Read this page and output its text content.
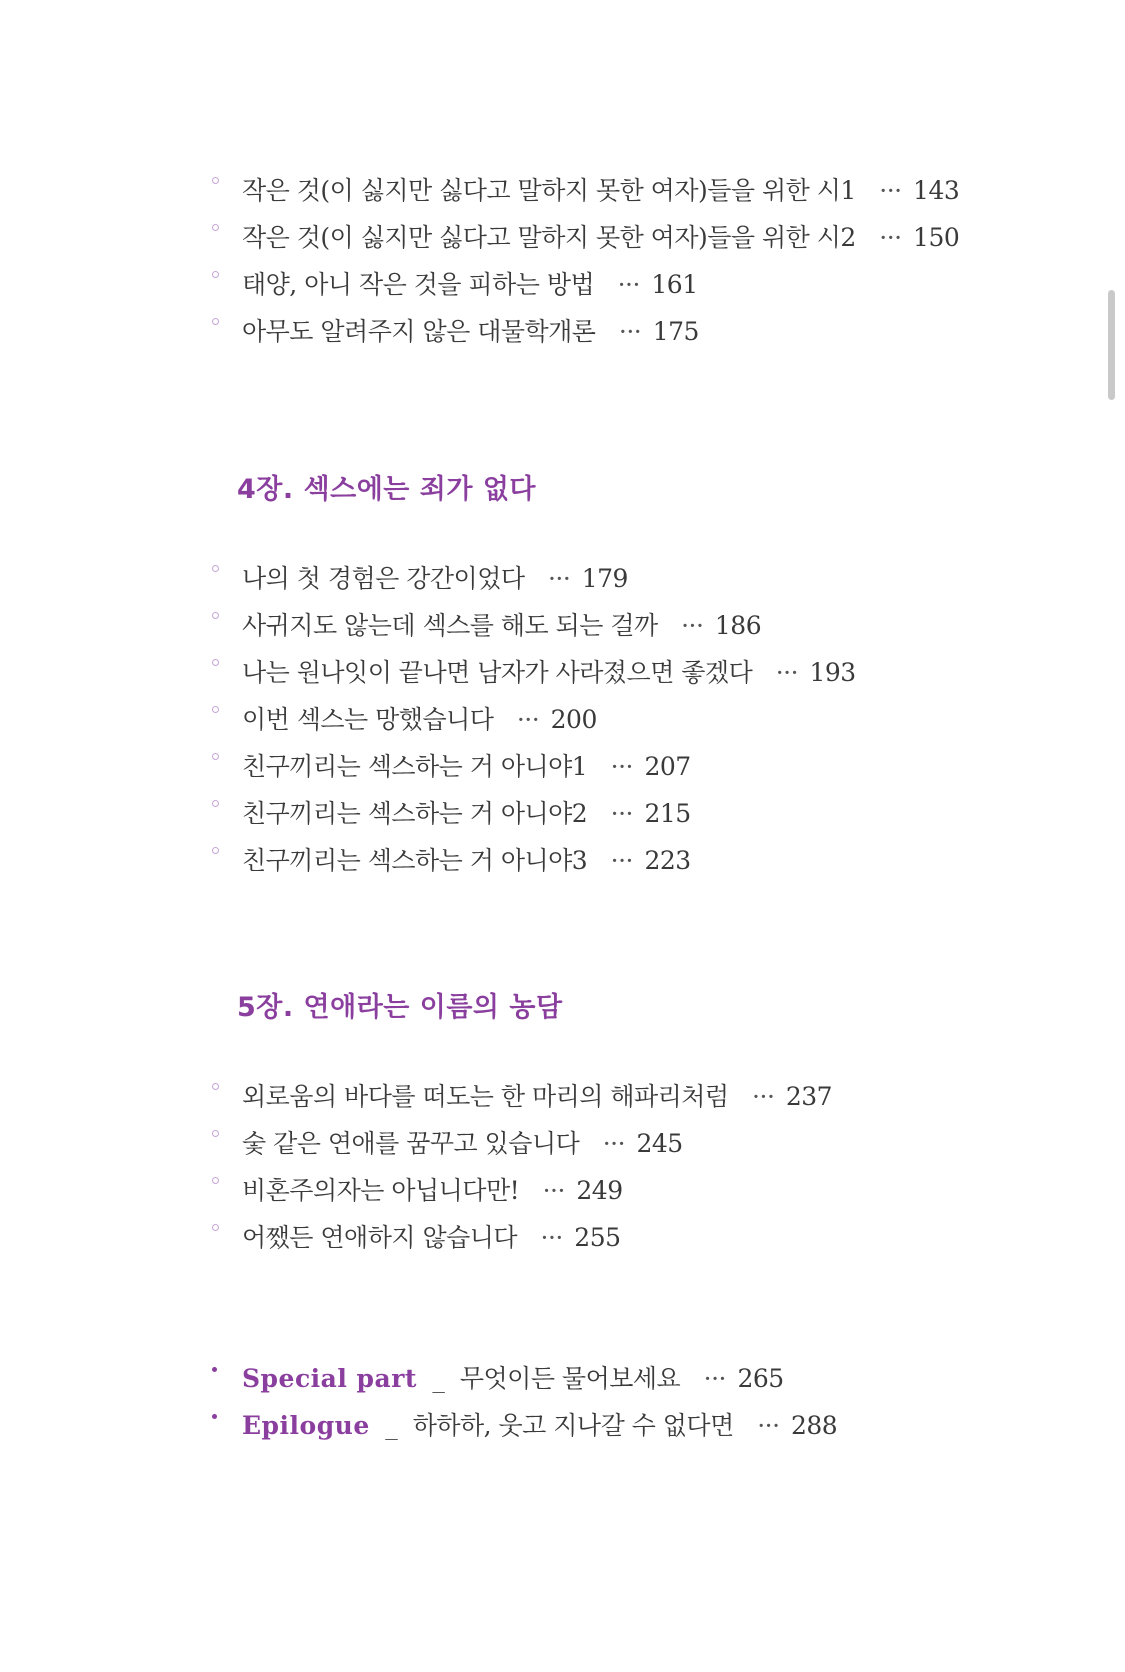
작은 것(이 싫지만 싫다고 말하지 못한 여자)들을 위한 시1 ··· 143
작은 것(이 싫지만 싫다고 말하지 못한 여자)들을 위한 시2 ··· 150
태양, 아니 작은 것을 피하는 방법 ··· 161
아무도 알려주지 않은 대물학개론 ··· 175
4장. 섹스에는 죄가 없다
나의 첫 경험은 강간이었다 ··· 179
사귀지도 않는데 섹스를 해도 되는 걸까 ··· 186
나는 원나잇이 끝나면 남자가 사라졌으면 좋겠다 ··· 193
이번 섹스는 망했습니다 ··· 200
친구끼리는 섹스하는 거 아니야1 ··· 207
친구끼리는 섹스하는 거 아니야2 ··· 215
친구끼리는 섹스하는 거 아니야3 ··· 223
5장. 연애라는 이름의 농담
외로움의 바다를 떠도는 한 마리의 해파리처럼 ··· 237
숯 같은 연애를 꿈꾸고 있습니다 ··· 245
비혼주의자는 아닙니다만! ··· 249
어쨌든 연애하지 않습니다 ··· 255
Special part _ 무엇이든 물어보세요 ··· 265
Epilogue _ 하하하, 웃고 지나갈 수 없다면 ··· 288
